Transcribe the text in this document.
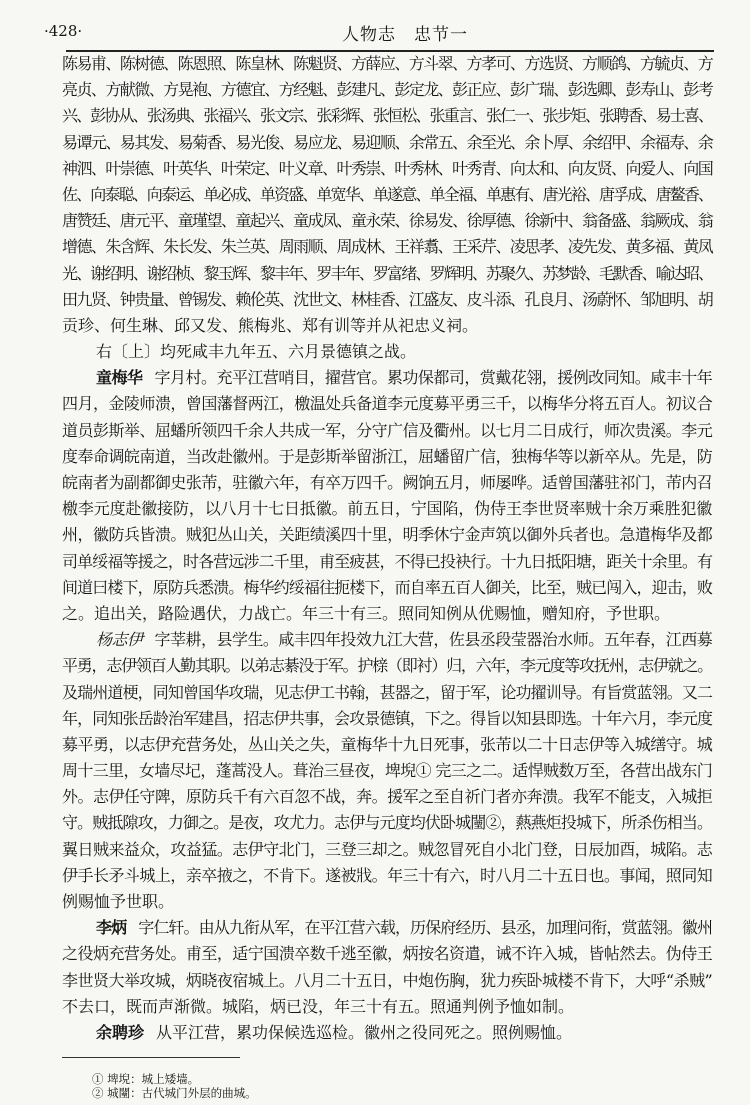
·428·	人物志　忠节一
陈易甫、陈树德、陈恩照、陈皇林、陈魁贤、方薛应、方斗翠、方孝可、方选贤、方顺鸽、方毓贞、方
亮贞、方献微、方晃袍、方德宜、方经魁、彭建凡、彭定龙、彭正应、彭广瑞、彭选卿、彭寿山、彭考
兴、彭协从、张汤典、张福兴、张文宗、张彩辉、张恒松、张重言、张仁一、张步矩、张聘香、易士喜、
易谭元、易其发、易菊香、易光俊、易应龙、易迎顺、余常五、余至光、余卜厚、余绍甲、余福寿、余
神泗、叶崇德、叶英华、叶荣定、叶义章、叶秀崇、叶秀林、叶秀青、向太和、向友贤、向爱人、向国
佐、向泰聪、向泰运、单必成、单资盛、单宽华、单遂意、单全福、单惠有、唐光裕、唐孚成、唐鳌香、
唐赞廷、唐元平、童瑾望、童起兴、童成凤、童永荣、徐易发、徐厚德、徐新中、翁备盛、翁厥成、翁
增德、朱含辉、朱长发、朱兰英、周雨顺、周成林、王祥翥、王采芹、凌思孝、凌先发、黄多福、黄凤
光、谢绍明、谢绍桢、黎玉辉、黎丰年、罗丰年、罗富绪、罗辉明、苏聚久、苏梦龄、毛默香、喻达昭、
田九贤、钟贵量、曾锡发、赖伦英、沈世文、林桂香、江盛友、皮斗添、孔良月、汤蔚怀、邹旭明、胡
贡珍、何生琳、邱又发、熊梅兆、郑有训等并从祀忠义祠。
右〔上〕均死咸丰九年五、六月景德镇之战。
童梅华 字月村。充平江营哨目，擢营官。累功保都司，赏戴花翎，援例改同知。咸丰十年
四月，金陵师溃，曾国藩督两江，檄温处兵备道李元度募平勇三千，以梅华分将五百人。初议合
道员彭斯举、屈蟠所领四千余人共成一军，分守广信及衢州。以七月二日成行，师次贵溪。李元
度奉命调皖南道，当改赴徽州。于是彭斯举留浙江，屈蟠留广信，独梅华等以新卒从。先是，防
皖南者为副都御史张芾，驻徽六年，有卒万四千。阙饷五月，师屡哗。适曾国藩驻祁门，芾内召
檄李元度赴徽接防，以八月十七日抵徽。前五日，宁国陷，伪侍王李世贤率贼十余万乘胜犯徽
州，徽防兵皆溃。贼犯丛山关，关距绩溪四十里，明季休宁金声筑以御外兵者也。急遣梅华及都
司单绥福等援之，时各营远涉二千里，甫至疲甚，不得已投袂行。十九日抵阳塘，距关十余里。有
间道曰楼下，原防兵悉溃。梅华约绥福往扼楼下，而自率五百人御关，比至，贼已闯入，迎击，败
之。追出关，路险遇伏，力战亡。年三十有三。照同知例从优赐恤，赠知府，予世职。
杨志伊 字莘耕，县学生。咸丰四年投效九江大营，佐县丞段莹器治水师。五年春，江西募
平勇，志伊领百人勤其职。以弟志綦没于军。护榇（即衬）归，六年，李元度等攻抚州，志伊就之。
及瑞州道梗，同知曾国华攻瑞，见志伊工书翰，甚器之，留于军，论功擢训导。有旨赏蓝翎。又二
年，同知张岳龄治军建昌，招志伊共事，会攻景德镇，下之。得旨以知县即选。十年六月，李元度
募平勇，以志伊充营务处，丛山关之失，童梅华十九日死事，张芾以二十日志伊等入城缮守。城
周十三里，女墙尽圮，蓬蒿没人。葺治三昼夜，埤堄① 完三之二。适悍贼数万至，各营出战东门
外。志伊任守陴，原防兵千有六百忽不战，奔。援军之至自祈门者亦奔溃。我军不能支，入城拒
守。贼抵隙攻，力御之。是夜，攻尤力。志伊与元度均伏卧城闉②，爇燕炬投城下，所杀伤相当。
翼日贼来益众，攻益猛。志伊守北门，三登三却之。贼忽冒死自小北门登，日辰加酉，城陷。志
伊手长矛斗城上，亲卒掖之，不肯下。遂被戕。年三十有六，时八月二十五日也。事闻，照同知
例赐恤予世职。
李炳 字仁轩。由从九衔从军，在平江营六载，历保府经历、县丞，加理问衔，赏蓝翎。徽州
之役炳充营务处。甫至，适宁国溃卒数千逃至徽，炳按名资遣，诫不许入城，皆帖然去。伪侍王
李世贤大举攻城，炳晓夜宿城上。八月二十五日，中炮伤胸，犹力疾卧城楼不肯下，大呼“杀贼”
不去口，既而声渐微。城陷，炳已没，年三十有五。照通判例予恤如制。
余聘珍 从平江营，累功保候选巡检。徽州之役同死之。照例赐恤。
① 埤堄：城上矮墙。
② 城闉：古代城门外层的曲城。
